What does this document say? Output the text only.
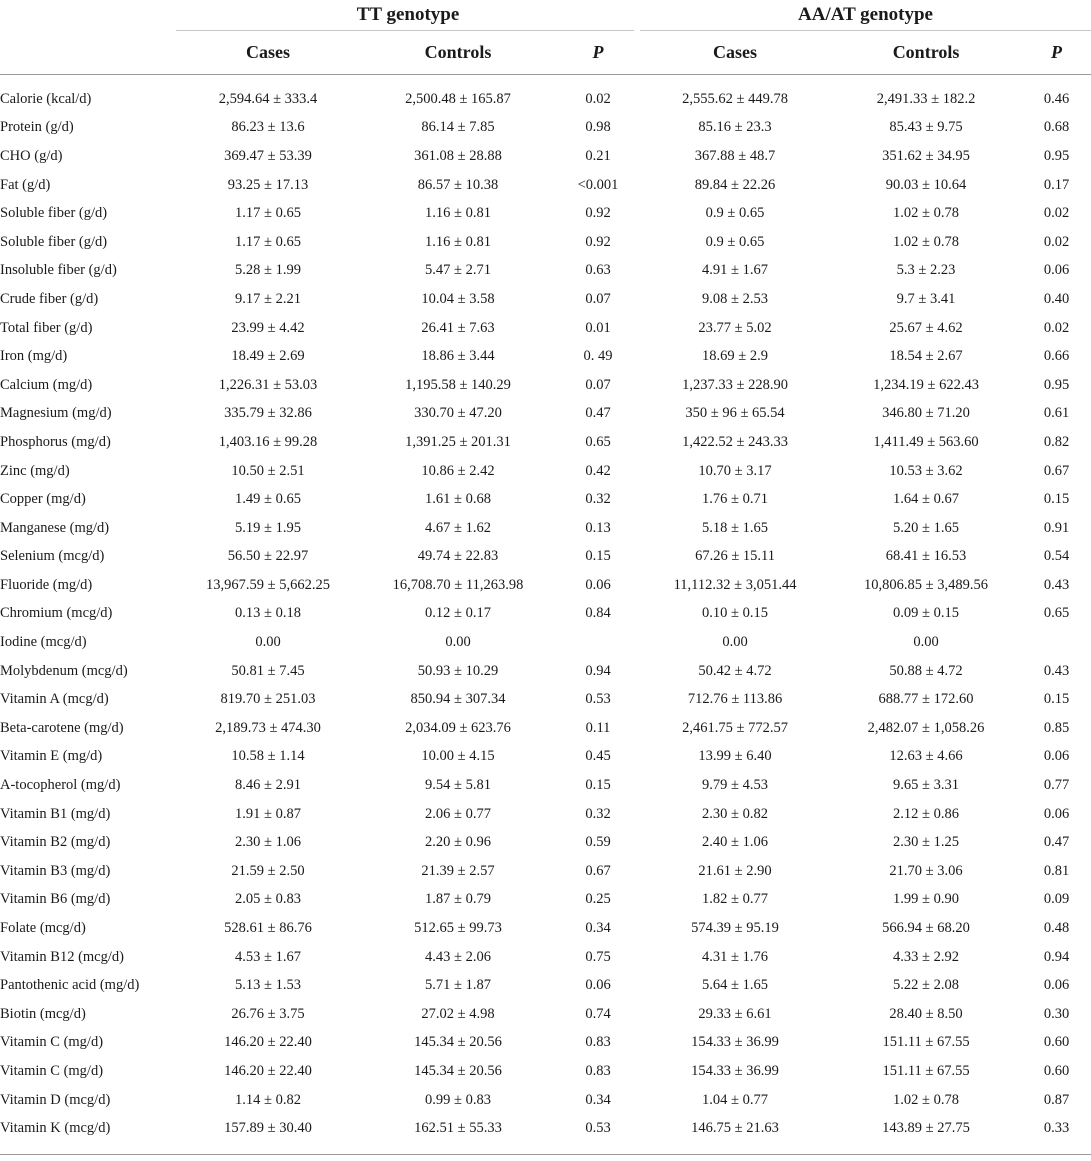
	TT genotype			AA/AT genotype		
	Cases	Controls	P	Cases	Controls	P

Calorie (kcal/d)	2,594.64 ± 333.4	2,500.48 ± 165.87	0.02	2,555.62 ± 449.78	2,491.33 ± 182.2	0.46
Protein (g/d)	86.23 ± 13.6	86.14 ± 7.85	0.98	85.16 ± 23.3	85.43 ± 9.75	0.68
CHO (g/d)	369.47 ± 53.39	361.08 ± 28.88	0.21	367.88 ± 48.7	351.62 ± 34.95	0.95
Fat (g/d)	93.25 ± 17.13	86.57 ± 10.38	<0.001	89.84 ± 22.26	90.03 ± 10.64	0.17
Soluble fiber (g/d)	1.17 ± 0.65	1.16 ± 0.81	0.92	0.9 ± 0.65	1.02 ± 0.78	0.02
Soluble fiber (g/d)	1.17 ± 0.65	1.16 ± 0.81	0.92	0.9 ± 0.65	1.02 ± 0.78	0.02
Insoluble fiber (g/d)	5.28 ± 1.99	5.47 ± 2.71	0.63	4.91 ± 1.67	5.3 ± 2.23	0.06
Crude fiber (g/d)	9.17 ± 2.21	10.04 ± 3.58	0.07	9.08 ± 2.53	9.7 ± 3.41	0.40
Total fiber (g/d)	23.99 ± 4.42	26.41 ± 7.63	0.01	23.77 ± 5.02	25.67 ± 4.62	0.02
Iron (mg/d)	18.49 ± 2.69	18.86 ± 3.44	0. 49	18.69 ± 2.9	18.54 ± 2.67	0.66
Calcium (mg/d)	1,226.31 ± 53.03	1,195.58 ± 140.29	0.07	1,237.33 ± 228.90	1,234.19 ± 622.43	0.95
Magnesium (mg/d)	335.79 ± 32.86	330.70 ± 47.20	0.47	350 ± 96 ± 65.54	346.80 ± 71.20	0.61
Phosphorus (mg/d)	1,403.16 ± 99.28	1,391.25 ± 201.31	0.65	1,422.52 ± 243.33	1,411.49 ± 563.60	0.82
Zinc (mg/d)	10.50 ± 2.51	10.86 ± 2.42	0.42	10.70 ± 3.17	10.53 ± 3.62	0.67
Copper (mg/d)	1.49 ± 0.65	1.61 ± 0.68	0.32	1.76 ± 0.71	1.64 ± 0.67	0.15
Manganese (mg/d)	5.19 ± 1.95	4.67 ± 1.62	0.13	5.18 ± 1.65	5.20 ± 1.65	0.91
Selenium (mcg/d)	56.50 ± 22.97	49.74 ± 22.83	0.15	67.26 ± 15.11	68.41 ± 16.53	0.54
Fluoride (mg/d)	13,967.59 ± 5,662.25	16,708.70 ± 11,263.98	0.06	11,112.32 ± 3,051.44	10,806.85 ± 3,489.56	0.43
Chromium (mcg/d)	0.13 ± 0.18	0.12 ± 0.17	0.84	0.10 ± 0.15	0.09 ± 0.15	0.65
Iodine (mcg/d)	0.00	0.00		0.00	0.00	
Molybdenum (mcg/d)	50.81 ± 7.45	50.93 ± 10.29	0.94	50.42 ± 4.72	50.88 ± 4.72	0.43
Vitamin A (mcg/d)	819.70 ± 251.03	850.94 ± 307.34	0.53	712.76 ± 113.86	688.77 ± 172.60	0.15
Beta-carotene (mg/d)	2,189.73 ± 474.30	2,034.09 ± 623.76	0.11	2,461.75 ± 772.57	2,482.07 ± 1,058.26	0.85
Vitamin E (mg/d)	10.58 ± 1.14	10.00 ± 4.15	0.45	13.99 ± 6.40	12.63 ± 4.66	0.06
A-tocopherol (mg/d)	8.46 ± 2.91	9.54 ± 5.81	0.15	9.79 ± 4.53	9.65 ± 3.31	0.77
Vitamin B1 (mg/d)	1.91 ± 0.87	2.06 ± 0.77	0.32	2.30 ± 0.82	2.12 ± 0.86	0.06
Vitamin B2 (mg/d)	2.30 ± 1.06	2.20 ± 0.96	0.59	2.40 ± 1.06	2.30 ± 1.25	0.47
Vitamin B3 (mg/d)	21.59 ± 2.50	21.39 ± 2.57	0.67	21.61 ± 2.90	21.70 ± 3.06	0.81
Vitamin B6 (mg/d)	2.05 ± 0.83	1.87 ± 0.79	0.25	1.82 ± 0.77	1.99 ± 0.90	0.09
Folate (mcg/d)	528.61 ± 86.76	512.65 ± 99.73	0.34	574.39 ± 95.19	566.94 ± 68.20	0.48
Vitamin B12 (mcg/d)	4.53 ± 1.67	4.43 ± 2.06	0.75	4.31 ± 1.76	4.33 ± 2.92	0.94
Pantothenic acid (mg/d)	5.13 ± 1.53	5.71 ± 1.87	0.06	5.64 ± 1.65	5.22 ± 2.08	0.06
Biotin (mcg/d)	26.76 ± 3.75	27.02 ± 4.98	0.74	29.33 ± 6.61	28.40 ± 8.50	0.30
Vitamin C (mg/d)	146.20 ± 22.40	145.34 ± 20.56	0.83	154.33 ± 36.99	151.11 ± 67.55	0.60
Vitamin C (mg/d)	146.20 ± 22.40	145.34 ± 20.56	0.83	154.33 ± 36.99	151.11 ± 67.55	0.60
Vitamin D (mcg/d)	1.14 ± 0.82	0.99 ± 0.83	0.34	1.04 ± 0.77	1.02 ± 0.78	0.87
Vitamin K (mcg/d)	157.89 ± 30.40	162.51 ± 55.33	0.53	146.75 ± 21.63	143.89 ± 27.75	0.33
